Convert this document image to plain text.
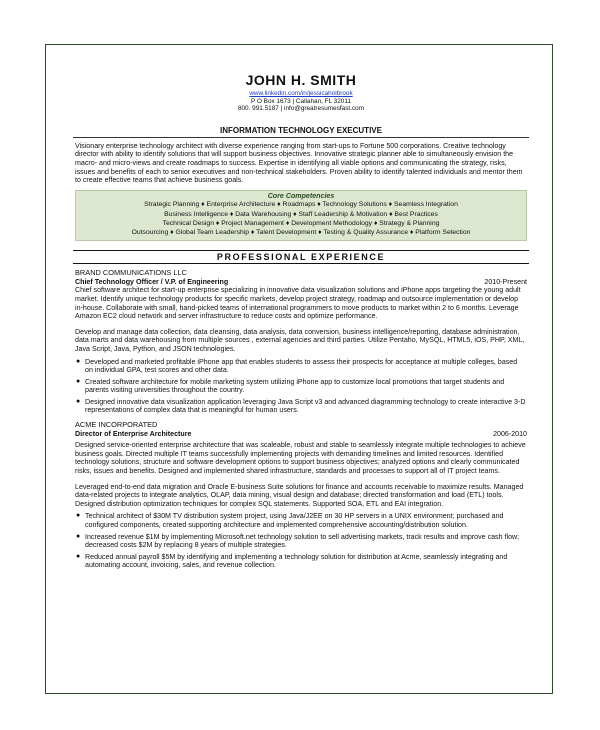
JOHN H. SMITH
www.linkedin.com/in/jessicaholbrook
P O Box 1673 | Callahan, FL 32011
800. 991.5187 | info@greatresumesfast.com
INFORMATION TECHNOLOGY EXECUTIVE
Visionary enterprise technology architect with diverse experience ranging from start-ups to Fortune 500 corporations. Creative technology director with ability to identify solutions that will support business objectives. Innovative strategic planner able to simultaneously envision the macro- and micro-views and create roadmaps to success. Expertise in identifying all viable options and communicating the strategy, risks, issues and benefits of each to senior executives and non-technical stakeholders. Proven ability to identify talented individuals and mentor them to create effective teams that achieve business goals.
Core Competencies
Strategic Planning ♦ Enterprise Architecture ♦ Roadmaps ♦ Technology Solutions ♦ Seamless Integration
Business Intelligence ♦ Data Warehousing ♦ Staff Leadership & Motivation ♦ Best Practices
Technical Design ♦ Project Management ♦ Development Methodology ♦ Strategy & Planning
Outsourcing ♦ Global Team Leadership ♦ Talent Development ♦ Testing & Quality Assurance ♦ Platform Selection
PROFESSIONAL EXPERIENCE
BRAND COMMUNICATIONS LLC
Chief Technology Officer / V.P. of Engineering	2010-Present
Chief software architect for start-up enterprise specializing in innovative data visualization solutions and iPhone apps targeting the young adult market. Identify unique technology products for specific markets, develop project strategy, roadmap and outsource implementation or develop in-house. Collaborate with small, hand-picked teams of international programmers to move products to market within 2 to 6 months. Leverage Amazon EC2 cloud network and server infrastructure to reduce costs and optimize performance.
Develop and manage data collection, data cleansing, data analysis, data conversion, business intelligence/reporting, database administration, data marts and data warehousing from multiple sources , external agencies and third parties. Utilize Pentaho, MySQL, HTML5, iOS, PHP, XML, Java Script, Java, Python, and JSON technologies.
● Developed and marketed profitable iPhone app that enables students to assess their prospects for acceptance at multiple colleges, based on individual GPA, test scores and other data.
● Created software architecture for mobile marketing system utilizing iPhone app to customize local promotions that target students and parents visiting universities throughout the country.
● Designed innovative data visualization application leveraging Java Script v3 and advanced diagramming technology to create interactive 3-D representations of complex data that is meaningful for human users.
ACME INCORPORATED
Director of Enterprise Architecture	2006-2010
Designed service-oriented enterprise architecture that was scaleable, robust and stable to seamlessly integrate multiple technologies to achieve business goals. Directed multiple IT teams successfully implementing projects with demanding timelines and limited resources. Identified technology solutions, structure and software development options to support business objectives; analyzed options and clearly communicated risks, issues and benefits. Designed and implemented shared infrastructure, standards and processes to support all of IT project teams.
Leveraged end-to-end data migration and Oracle E-business Suite solutions for finance and accounts receivable to maximize results. Managed data-related projects to integrate analytics, OLAP, data mining, visual design and database; directed transformation and load (ETL) tools. Designed distribution optimization techniques for complex SQL statements. Supported SOA, ETL and EAI integration.
● Technical architect of $30M TV distribution system project, using Java/J2EE on 30 HP servers in a UNIX environment; purchased and configured components, created supporting architecture and implemented comprehensive accounting/distribution solution.
● Increased revenue $1M by implementing Microsoft.net technology solution to sell advertising markets, track results and improve cash flow; decreased costs $2M by replacing 8 years of multiple strategies.
● Reduced annual payroll $5M by identifying and implementing a technology solution for distribution at Acme, seamlessly integrating and automating account, invoicing, sales, and revenue collection.
